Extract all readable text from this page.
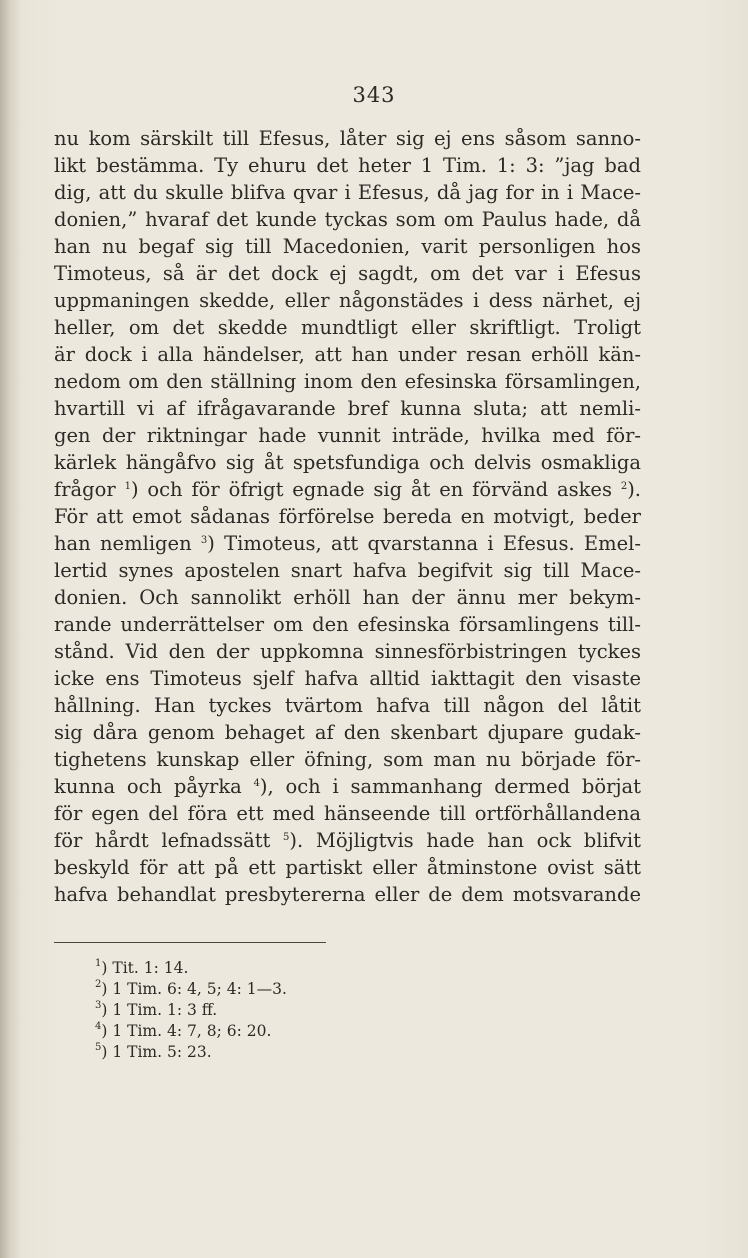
343
nu kom särskilt till Efesus, låter sig ej ens såsom sanno-
likt bestämma. Ty ehuru det heter 1 Tim. 1: 3: ”jag bad
dig, att du skulle blifva qvar i Efesus, då jag for in i Mace-
donien,” hvaraf det kunde tyckas som om Paulus hade, då
han nu begaf sig till Macedonien, varit personligen hos
Timoteus, så är det dock ej sagdt, om det var i Efesus
uppmaningen skedde, eller någonstädes i dess närhet, ej
heller, om det skedde mundtligt eller skriftligt. Troligt
är dock i alla händelser, att han under resan erhöll kän-
nedom om den ställning inom den efesinska församlingen,
hvartill vi af ifrågavarande bref kunna sluta; att nemli-
gen der riktningar hade vunnit inträde, hvilka med för-
kärlek hängåfvo sig åt spetsfundiga och delvis osmakliga
frågor $^1$) och för öfrigt egnade sig åt en förvänd askes $^2$).
För att emot sådanas förförelse bereda en motvigt, beder
han nemligen $^3$) Timoteus, att qvarstanna i Efesus. Emel-
lertid synes apostelen snart hafva begifvit sig till Mace-
donien. Och sannolikt erhöll han der ännu mer bekym-
rande underrättelser om den efesinska församlingens till-
stånd. Vid den der uppkomna sinnesförbistringen tyckes
icke ens Timoteus sjelf hafva alltid iakttagit den visaste
hållning. Han tyckes tvärtom hafva till någon del låtit
sig dåra genom behaget af den skenbart djupare gudak-
tighetens kunskap eller öfning, som man nu började för-
kunna och påyrka $^4$), och i sammanhang dermed börjat
för egen del föra ett med hänseende till ortförhållandena
för hårdt lefnadssätt $^5$). Möjligtvis hade han ock blifvit
beskyld för att på ett partiskt eller åtminstone ovist sätt
hafva behandlat presbytererna eller de dem motsvarande
$^1$) Tit. 1: 14.
$^2$) 1 Tim. 6: 4, 5; 4: 1—3.
$^3$) 1 Tim. 1: 3 ff.
$^4$) 1 Tim. 4: 7, 8; 6: 20.
$^5$) 1 Tim. 5: 23.
